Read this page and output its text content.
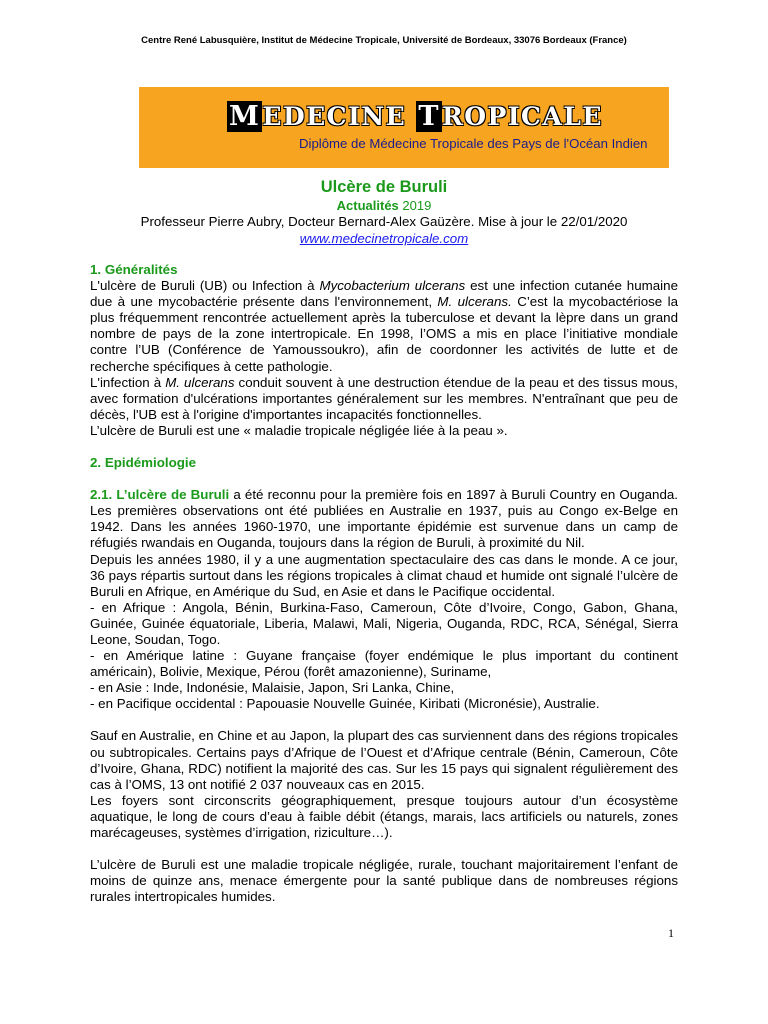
Centre René Labusquière, Institut de Médecine Tropicale, Université de Bordeaux, 33076 Bordeaux (France)
MEDECINE TROPICALE
Diplôme de Médecine Tropicale des Pays de l'Océan Indien
Ulcère de Buruli
Actualités 2019
Professeur Pierre Aubry, Docteur Bernard-Alex Gaüzère. Mise à jour le 22/01/2020
www.medecinetropicale.com

1. Généralités

L'ulcère de Buruli (UB) ou Infection à Mycobacterium ulcerans est une infection cutanée humaine due à une mycobactérie présente dans l'environnement, M. ulcerans. C’est la mycobactériose la plus fréquemment rencontrée actuellement après la tuberculose et devant la lèpre dans un grand nombre de pays de la zone intertropicale. En 1998, l’OMS a mis en place l’initiative mondiale contre l’UB (Conférence de Yamoussoukro), afin de coordonner les activités de lutte et de recherche spécifiques à cette pathologie.

L'infection à M. ulcerans conduit souvent à une destruction étendue de la peau et des tissus mous, avec formation d'ulcérations importantes généralement sur les membres. N'entraînant que peu de décès, l'UB est à l'origine d'importantes incapacités fonctionnelles.

L’ulcère de Buruli est une « maladie tropicale négligée liée à la peau ».

2. Epidémiologie

2.1. L’ulcère de Buruli a été reconnu pour la première fois en 1897 à Buruli Country en Ouganda. Les premières observations ont été publiées en Australie en 1937, puis au Congo ex-Belge en 1942. Dans les années 1960-1970, une importante épidémie est survenue dans un camp de réfugiés rwandais en Ouganda, toujours dans la région de Buruli, à proximité du Nil.

Depuis les années 1980, il y a une augmentation spectaculaire des cas dans le monde. A ce jour, 36 pays répartis surtout dans les régions tropicales à climat chaud et humide ont signalé l’ulcère de Buruli en Afrique, en Amérique du Sud, en Asie et dans le Pacifique occidental.

- en Afrique : Angola, Bénin, Burkina-Faso, Cameroun, Côte d’Ivoire, Congo, Gabon, Ghana, Guinée, Guinée équatoriale, Liberia, Malawi, Mali, Nigeria, Ouganda, RDC, RCA, Sénégal, Sierra Leone, Soudan, Togo.

- en Amérique latine : Guyane française (foyer endémique le plus important du continent américain), Bolivie, Mexique, Pérou (forêt amazonienne), Suriname,

- en Asie : Inde, Indonésie, Malaisie, Japon, Sri Lanka, Chine,

- en Pacifique occidental : Papouasie Nouvelle Guinée, Kiribati (Micronésie), Australie.

Sauf en Australie, en Chine et au Japon, la plupart des cas surviennent dans des régions tropicales ou subtropicales. Certains pays d’Afrique de l’Ouest et d’Afrique centrale (Bénin, Cameroun, Côte d’Ivoire, Ghana, RDC) notifient la majorité des cas. Sur les 15 pays qui signalent régulièrement des cas à l’OMS, 13 ont notifié 2 037 nouveaux cas en 2015.

Les foyers sont circonscrits géographiquement, presque toujours autour d’un écosystème aquatique, le long de cours d’eau à faible débit (étangs, marais, lacs artificiels ou naturels, zones marécageuses, systèmes d’irrigation, riziculture…).

L’ulcère de Buruli est une maladie tropicale négligée, rurale, touchant majoritairement l’enfant de moins de quinze ans, menace émergente pour la santé publique dans de nombreuses régions rurales intertropicales humides.

1
